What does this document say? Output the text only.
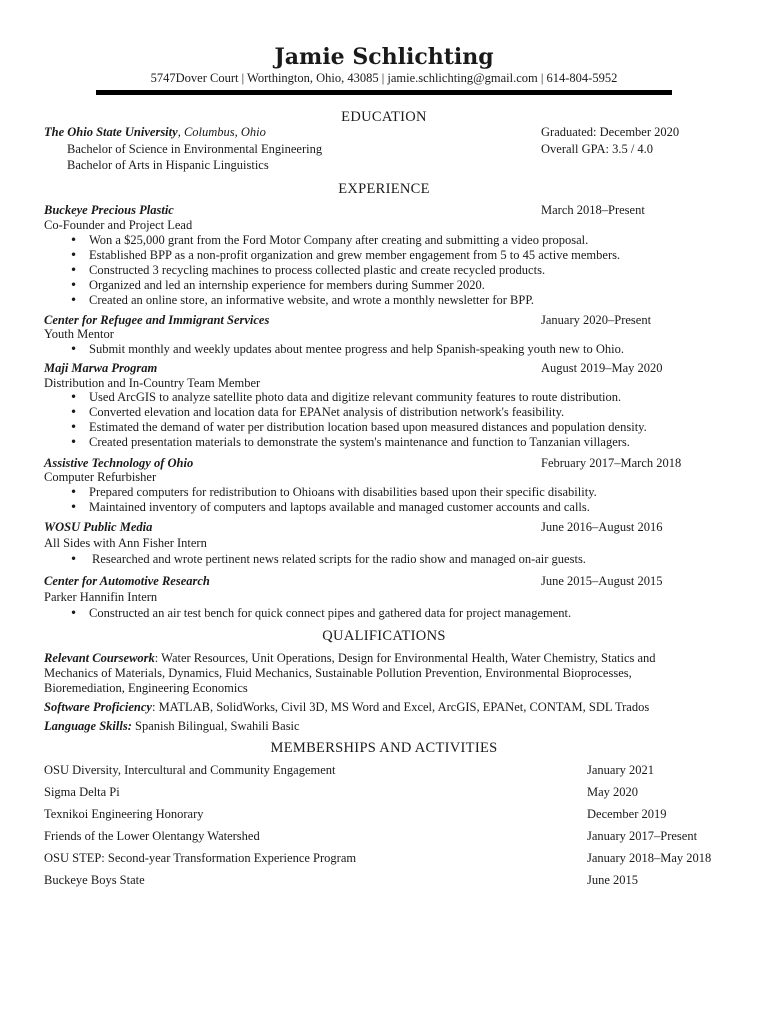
Jamie Schlichting
5747Dover Court | Worthington, Ohio, 43085 | jamie.schlichting@gmail.com | 614-804-5952
EDUCATION
The Ohio State University, Columbus, Ohio	Graduated: December 2020
Bachelor of Science in Environmental Engineering	Overall GPA: 3.5 / 4.0
Bachelor of Arts in Hispanic Linguistics
EXPERIENCE
Buckeye Precious Plastic	March 2018–Present
Co-Founder and Project Lead
Won a $25,000 grant from the Ford Motor Company after creating and submitting a video proposal.
Established BPP as a non-profit organization and grew member engagement from 5 to 45 active members.
Constructed 3 recycling machines to process collected plastic and create recycled products.
Organized and led an internship experience for members during Summer 2020.
Created an online store, an informative website, and wrote a monthly newsletter for BPP.
•
•
•
•
•
Center for Refugee and Immigrant Services	January 2020–Present
Youth Mentor
Submit monthly and weekly updates about mentee progress and help Spanish-speaking youth new to Ohio.
•
Maji Marwa Program	August 2019–May 2020
Distribution and In-Country Team Member
Used ArcGIS to analyze satellite photo data and digitize relevant community features to route distribution.
Converted elevation and location data for EPANet analysis of distribution network's feasibility.
Estimated the demand of water per distribution location based upon measured distances and population density.
Created presentation materials to demonstrate the system's maintenance and function to Tanzanian villagers.
•
•
•
•
Assistive Technology of Ohio	February 2017–March 2018
Computer Refurbisher
Prepared computers for redistribution to Ohioans with disabilities based upon their specific disability.
Maintained inventory of computers and laptops available and managed customer accounts and calls.
•
•
WOSU Public Media	June 2016–August 2016
All Sides with Ann Fisher Intern
Researched and wrote pertinent news related scripts for the radio show and managed on-air guests.
•
Center for Automotive Research	June 2015–August 2015
Parker Hannifin Intern
Constructed an air test bench for quick connect pipes and gathered data for project management.
•
QUALIFICATIONS
Relevant Coursework: Water Resources, Unit Operations, Design for Environmental Health, Water Chemistry, Statics and
Mechanics of Materials, Dynamics, Fluid Mechanics, Sustainable Pollution Prevention, Environmental Bioprocesses,
Bioremediation, Engineering Economics
Software Proficiency: MATLAB, SolidWorks, Civil 3D, MS Word and Excel, ArcGIS, EPANet, CONTAM, SDL Trados
Language Skills: Spanish Bilingual, Swahili Basic
MEMBERSHIPS AND ACTIVITIES
OSU Diversity, Intercultural and Community Engagement	January 2021
Sigma Delta Pi	May 2020
Texnikoi Engineering Honorary	December 2019
Friends of the Lower Olentangy Watershed	January 2017–Present
OSU STEP: Second-year Transformation Experience Program	January 2018–May 2018
Buckeye Boys State	June 2015
